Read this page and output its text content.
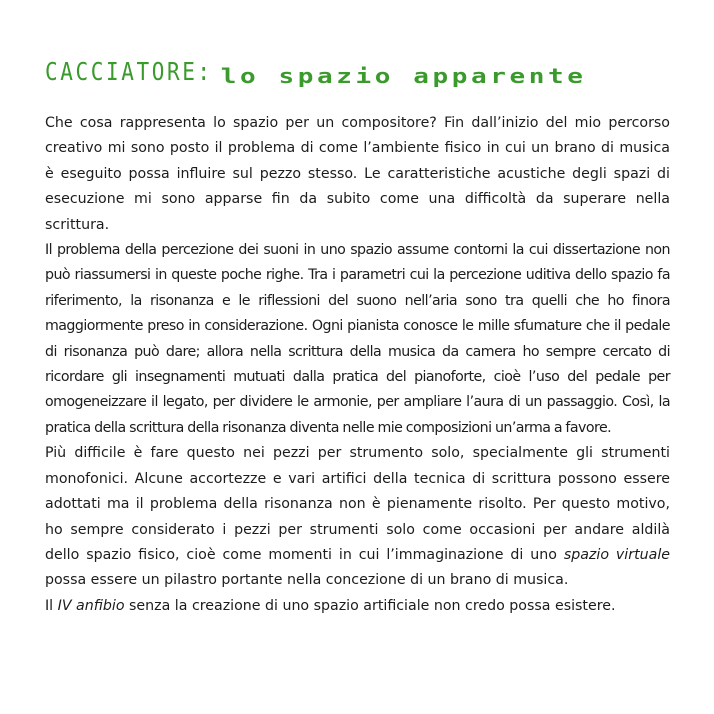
CACCIATORE: lo spazio apparente

Che cosa rappresenta lo spazio per un compositore? Fin dall’inizio del mio percorso creativo mi sono posto il problema di come l’ambiente fisico in cui un brano di musica è eseguito possa influire sul pezzo stesso. Le caratteristiche acustiche degli spazi di esecuzione mi sono apparse fin da subito come una difficoltà da superare nella scrittura.

Il problema della percezione dei suoni in uno spazio assume contorni la cui dissertazione non può riassumersi in queste poche righe. Tra i parametri cui la percezione uditiva dello spazio fa riferimento, la risonanza e le riflessioni del suono nell’aria sono tra quelli che ho finora maggiormente preso in considerazione. Ogni pianista conosce le mille sfumature che il pedale di risonanza può dare; allora nella scrittura della musica da camera ho sempre cercato di ricordare gli insegnamenti mutuati dalla pratica del pianoforte, cioè l’uso del pedale per omogeneizzare il legato, per dividere le armonie, per ampliare l’aura di un passaggio. Così, la pratica della scrittura della risonanza diventa nelle mie composizioni un’arma a favore.

Più difficile è fare questo nei pezzi per strumento solo, specialmente gli strumenti monofonici. Alcune accortezze e vari artifici della tecnica di scrittura possono essere adottati ma il problema della risonanza non è pienamente risolto. Per questo motivo, ho sempre considerato i pezzi per strumenti solo come occasioni per andare aldilà dello spazio fisico, cioè come momenti in cui l’immaginazione di uno spazio virtuale possa essere un pilastro portante nella concezione di un brano di musica.

Il IV anfibio senza la creazione di uno spazio artificiale non credo possa esistere.
